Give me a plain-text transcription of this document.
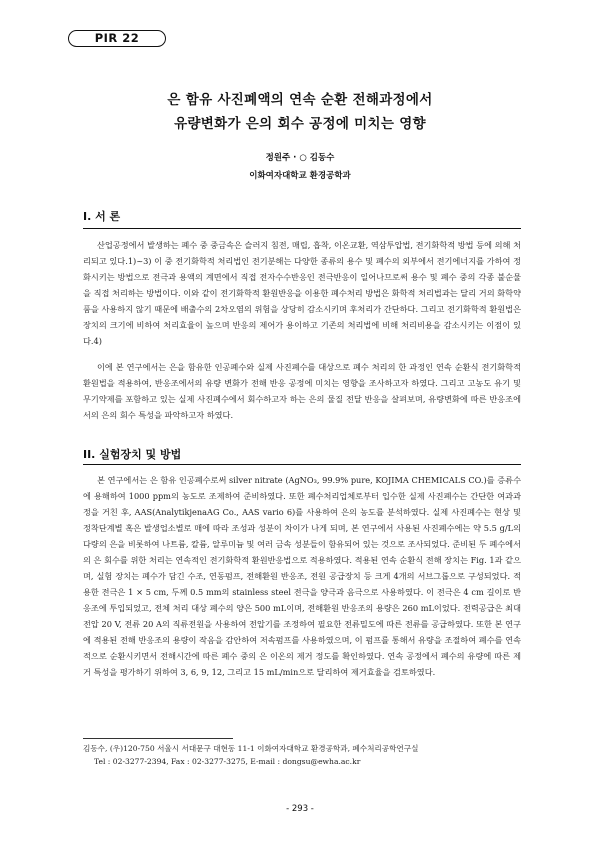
PIR 22
은 함유 사진폐액의 연속 순환 전해과정에서
유량변화가 은의 회수 공정에 미치는 영향
정원주 · ○ 김동수
이화여자대학교 환경공학과
I. 서 론

산업공정에서 발생하는 폐수 중 중금속은 슬러지 침전, 매립, 흡착, 이온교환, 역삼투압법, 전기화학적 방법 등에 의해 처리되고 있다.1)~3) 이 중 전기화학적 처리법인 전기분해는 다양한 종류의 용수 및 폐수의 외부에서 전기에너지를 가하여 정화시키는 방법으로 전극과 용액의 계면에서 직접 전자수수반응인 전극반응이 일어나므로써 용수 및 폐수 중의 각종 불순물을 직접 처리하는 방법이다. 이와 같이 전기화학적 환원반응을 이용한 폐수처리 방법은 화학적 처리법과는 달리 거의 화학약품을 사용하지 않기 때문에 배출수의 2차오염의 위험을 상당히 감소시키며 후처리가 간단하다. 그리고 전기화학적 환원법은 장치의 크기에 비하여 처리효율이 높으며 반응의 제어가 용이하고 기존의 처리법에 비해 처리비용을 감소시키는 이점이 있다.4)

이에 본 연구에서는 은을 함유한 인공폐수와 실제 사진폐수를 대상으로 폐수 처리의 한 과정인 연속 순환식 전기화학적 환원법을 적용하여, 반응조에서의 유량 변화가 전해 반응 공정에 미치는 영향을 조사하고자 하였다. 그리고 고농도 유기 및 무기약제를 포함하고 있는 실제 사진폐수에서 회수하고자 하는 은의 물질 전달 반응을 살펴보며, 유량변화에 따른 반응조에서의 은의 회수 특성을 파악하고자 하였다.

II. 실험장치 및 방법

본 연구에서는 은 함유 인공폐수로써 silver nitrate (AgNO₃, 99.9% pure, KOJIMA CHEMICALS CO.)를 증류수에 용해하여 1000 ppm의 농도로 조제하여 준비하였다. 또한 폐수처리업체로부터 입수한 실제 사진폐수는 간단한 여과과정을 거친 후, AAS(AnalytikjenaAG Co., AAS vario 6)를 사용하여 은의 농도를 분석하였다. 실제 사진폐수는 현상 및 정착단계별 혹은 발생업소별로 매에 따라 조성과 성분이 차이가 나게 되며, 본 연구에서 사용된 사진폐수에는 약 5.5 g/L의 다량의 은을 비롯하여 나트륨, 칼륨, 알루미늄 및 여러 금속 성분들이 함유되어 있는 것으로 조사되었다. 준비된 두 폐수에서의 은 회수를 위한 처리는 연속적인 전기화학적 환원반응법으로 적용하였다. 적용된 연속 순환식 전해 장치는 Fig. 1과 같으며, 실험 장치는 폐수가 담긴 수조, 연동펌프, 전해환원 반응조, 전원 공급장치 등 크게 4개의 서브그룹으로 구성되었다. 적용한 전극은 1 × 5 cm, 두께 0.5 mm의 stainless steel 전극을 양극과 음극으로 사용하였다. 이 전극은 4 cm 길이로 반응조에 투입되었고, 전체 처리 대상 폐수의 양은 500 mL이며, 전해환원 반응조의 용량은 260 mL이었다. 전력공급은 최대전압 20 V, 전류 20 A의 직류전원을 사용하여 전압기를 조정하여 필요한 전류밀도에 따른 전류를 공급하였다. 또한 본 연구에 적용된 전해 반응조의 용량이 작음을 감안하여 저속펌프를 사용하였으며, 이 펌프를 통해서 유량을 조절하여 폐수를 연속적으로 순환시키면서 전해시간에 따른 폐수 중의 은 이온의 제거 정도를 확인하였다. 연속 공정에서 폐수의 유량에 따른 제거 특성을 평가하기 위하여 3, 6, 9, 12, 그리고 15 mL/min으로 달리하여 제거효율을 검토하였다.

김동수, (우)120-750 서울시 서대문구 대현동 11-1 이화여자대학교 환경공학과, 폐수처리공학연구실
Tel : 02-3277-2394, Fax : 02-3277-3275, E-mail : dongsu@ewha.ac.kr
- 293 -
